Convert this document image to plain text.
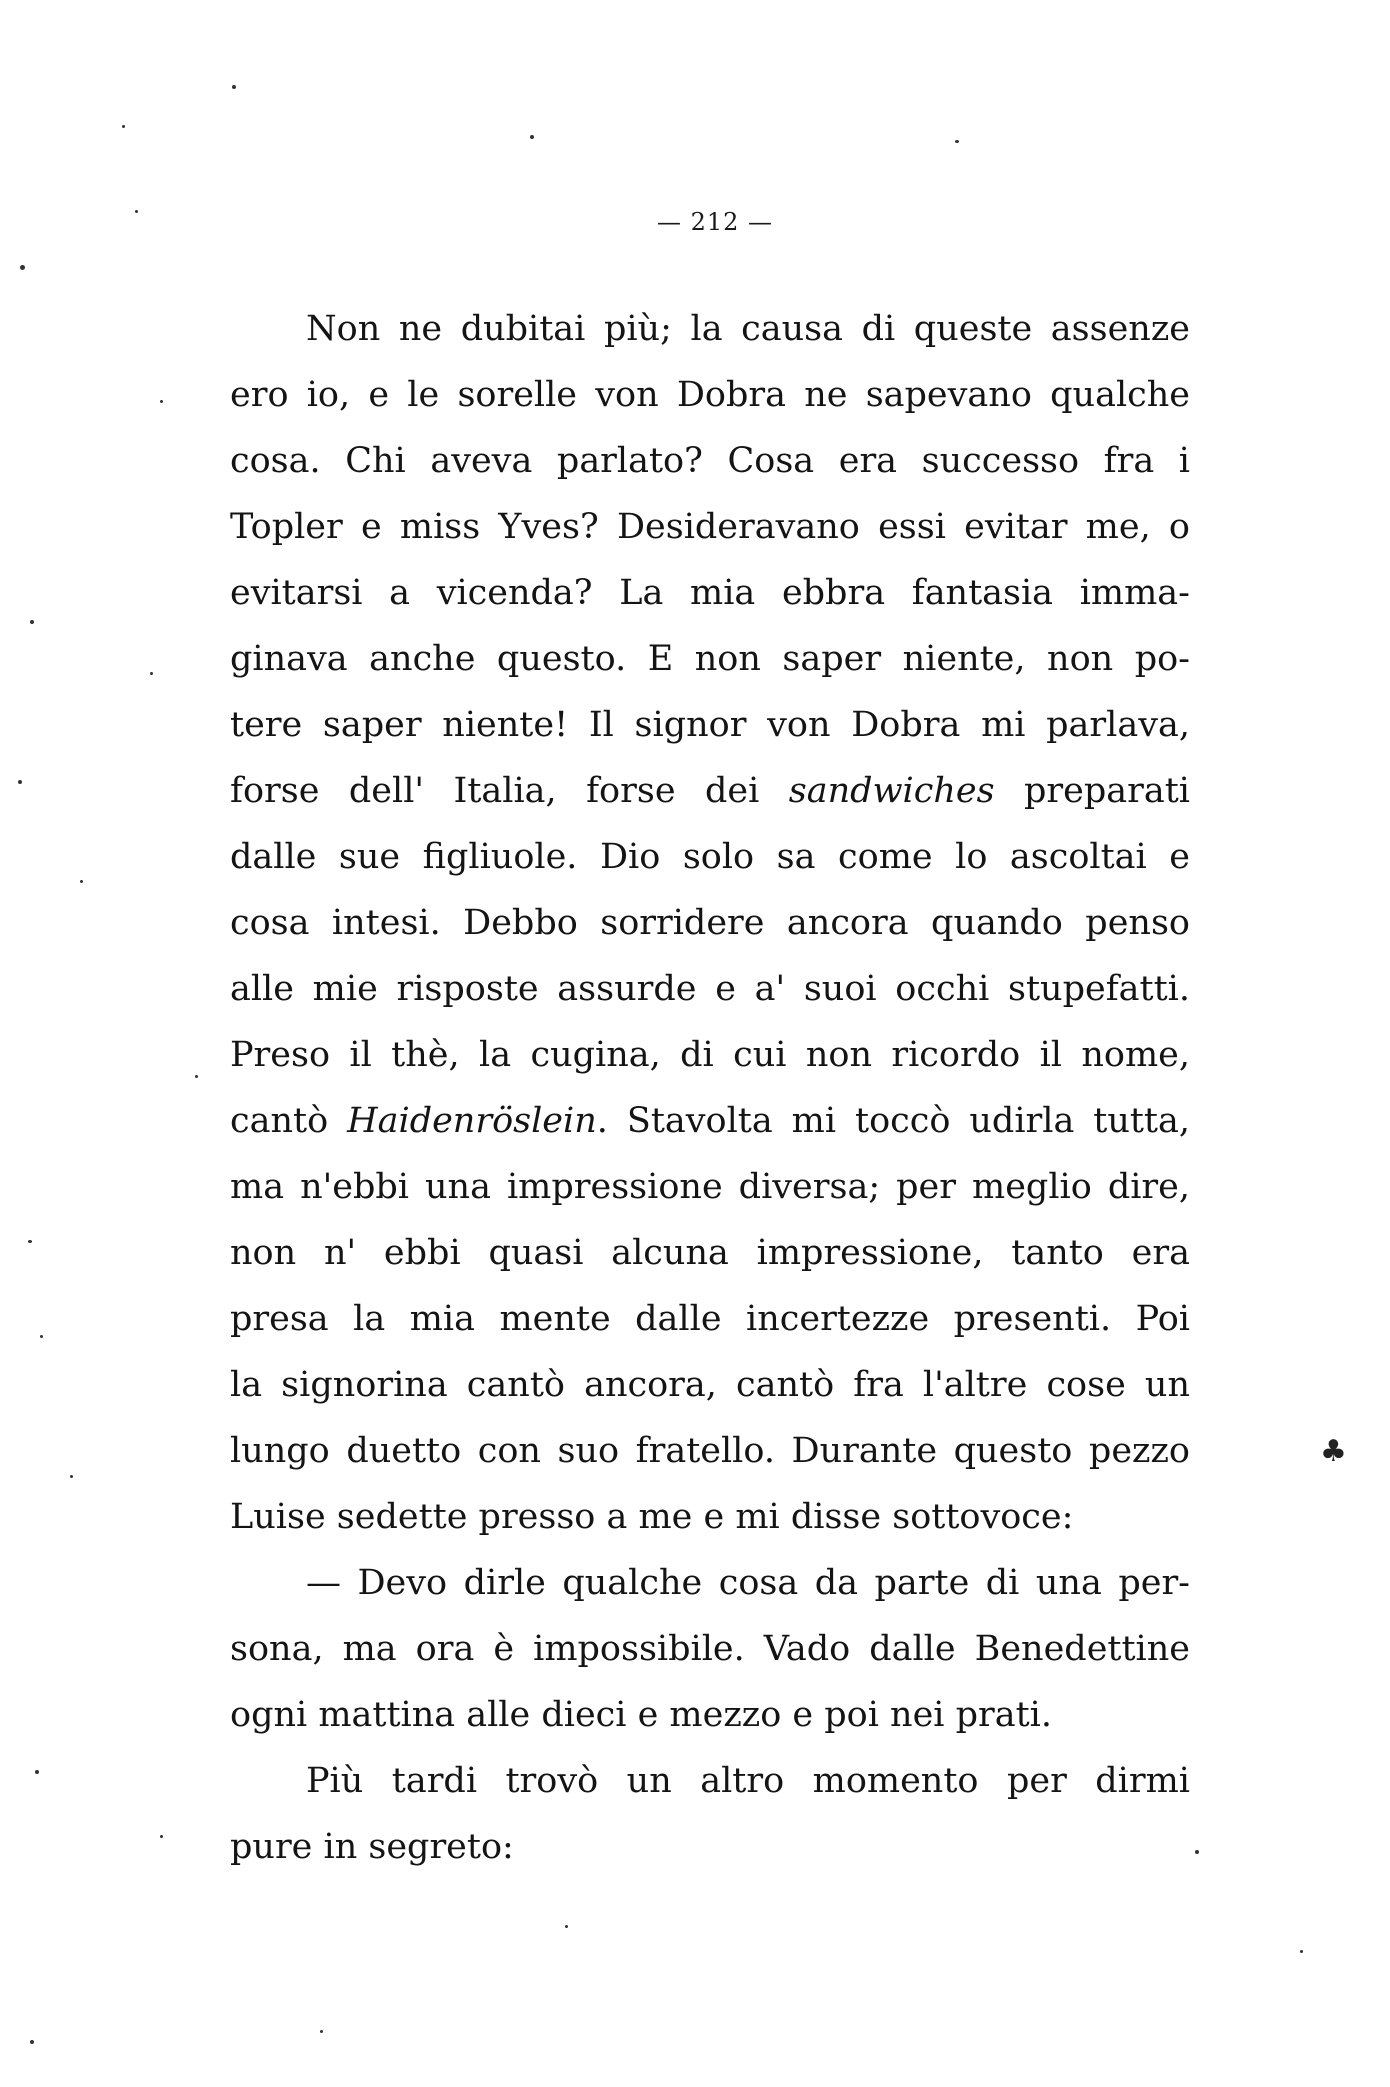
— 212 —
Non ne dubitai più; la causa di queste assenze
ero io, e le sorelle von Dobra ne sapevano qualche
cosa. Chi aveva parlato? Cosa era successo fra i
Topler e miss Yves? Desideravano essi evitar me, o
evitarsi a vicenda? La mia ebbra fantasia imma-
ginava anche questo. E non saper niente, non po-
tere saper niente! Il signor von Dobra mi parlava,
forse dell' Italia, forse dei sandwiches preparati
dalle sue figliuole. Dio solo sa come lo ascoltai e
cosa intesi. Debbo sorridere ancora quando penso
alle mie risposte assurde e a' suoi occhi stupefatti.
Preso il thè, la cugina, di cui non ricordo il nome,
cantò Haidenröslein. Stavolta mi toccò udirla tutta,
ma n'ebbi una impressione diversa; per meglio dire,
non n' ebbi quasi alcuna impressione, tanto era
presa la mia mente dalle incertezze presenti. Poi
la signorina cantò ancora, cantò fra l'altre cose un
lungo duetto con suo fratello. Durante questo pezzo
Luise sedette presso a me e mi disse sottovoce:
— Devo dirle qualche cosa da parte di una per-
sona, ma ora è impossibile. Vado dalle Benedettine
ogni mattina alle dieci e mezzo e poi nei prati.
Più tardi trovò un altro momento per dirmi
pure in segreto:
♣
